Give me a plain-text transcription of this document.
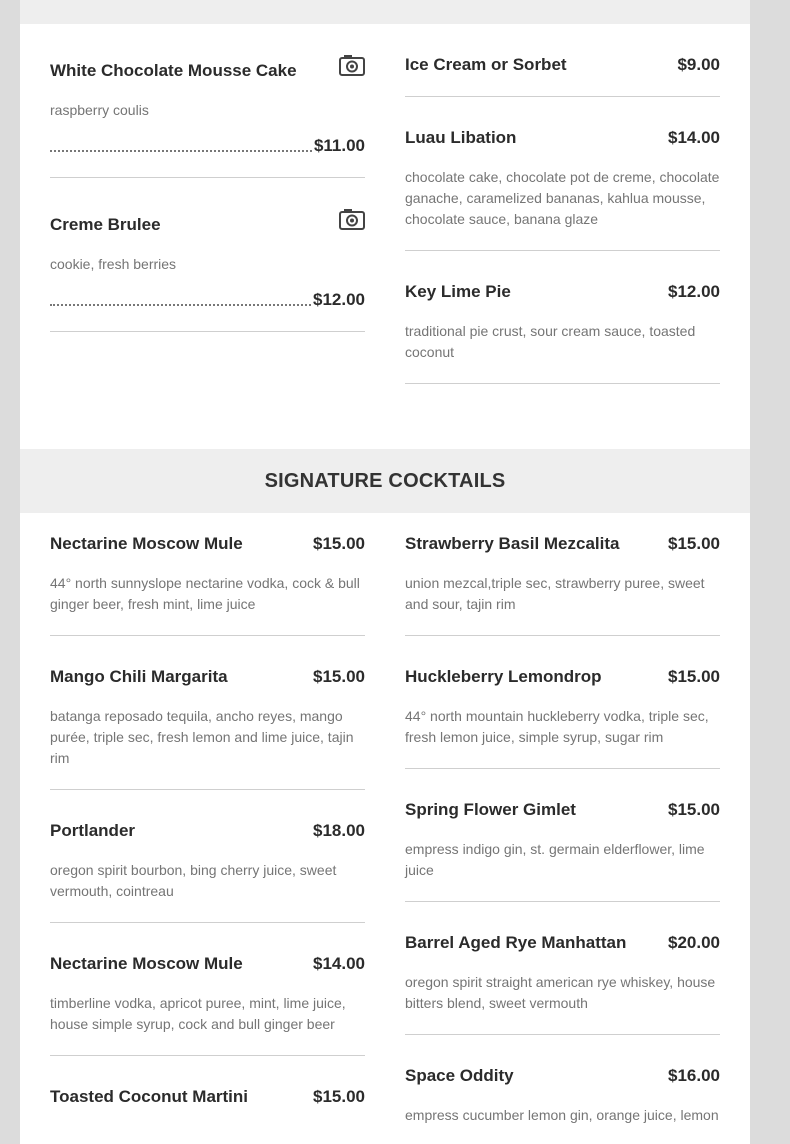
White Chocolate Mousse Cake
raspberry coulis
$11.00
Creme Brulee
cookie, fresh berries
$12.00
Ice Cream or Sorbet	$9.00
Luau Libation	$14.00
chocolate cake, chocolate pot de creme, chocolate ganache, caramelized bananas, kahlua mousse, chocolate sauce, banana glaze
Key Lime Pie	$12.00
traditional pie crust, sour cream sauce, toasted coconut
SIGNATURE COCKTAILS
Nectarine Moscow Mule	$15.00
44° north sunnyslope nectarine vodka, cock & bull ginger beer, fresh mint, lime juice
Mango Chili Margarita	$15.00
batanga reposado tequila, ancho reyes, mango purée, triple sec, fresh lemon and lime juice, tajin rim
Portlander	$18.00
oregon spirit bourbon, bing cherry juice, sweet vermouth, cointreau
Nectarine Moscow Mule	$14.00
timberline vodka, apricot puree, mint, lime juice, house simple syrup, cock and bull ginger beer
Toasted Coconut Martini	$15.00
Strawberry Basil Mezcalita	$15.00
union mezcal,triple sec, strawberry puree, sweet and sour, tajin rim
Huckleberry Lemondrop	$15.00
44° north mountain huckleberry vodka, triple sec, fresh lemon juice, simple syrup, sugar rim
Spring Flower Gimlet	$15.00
empress indigo gin, st. germain elderflower, lime juice
Barrel Aged Rye Manhattan $20.00
oregon spirit straight american rye whiskey, house bitters blend, sweet vermouth
Space Oddity	$16.00
empress cucumber lemon gin, orange juice, lemon
